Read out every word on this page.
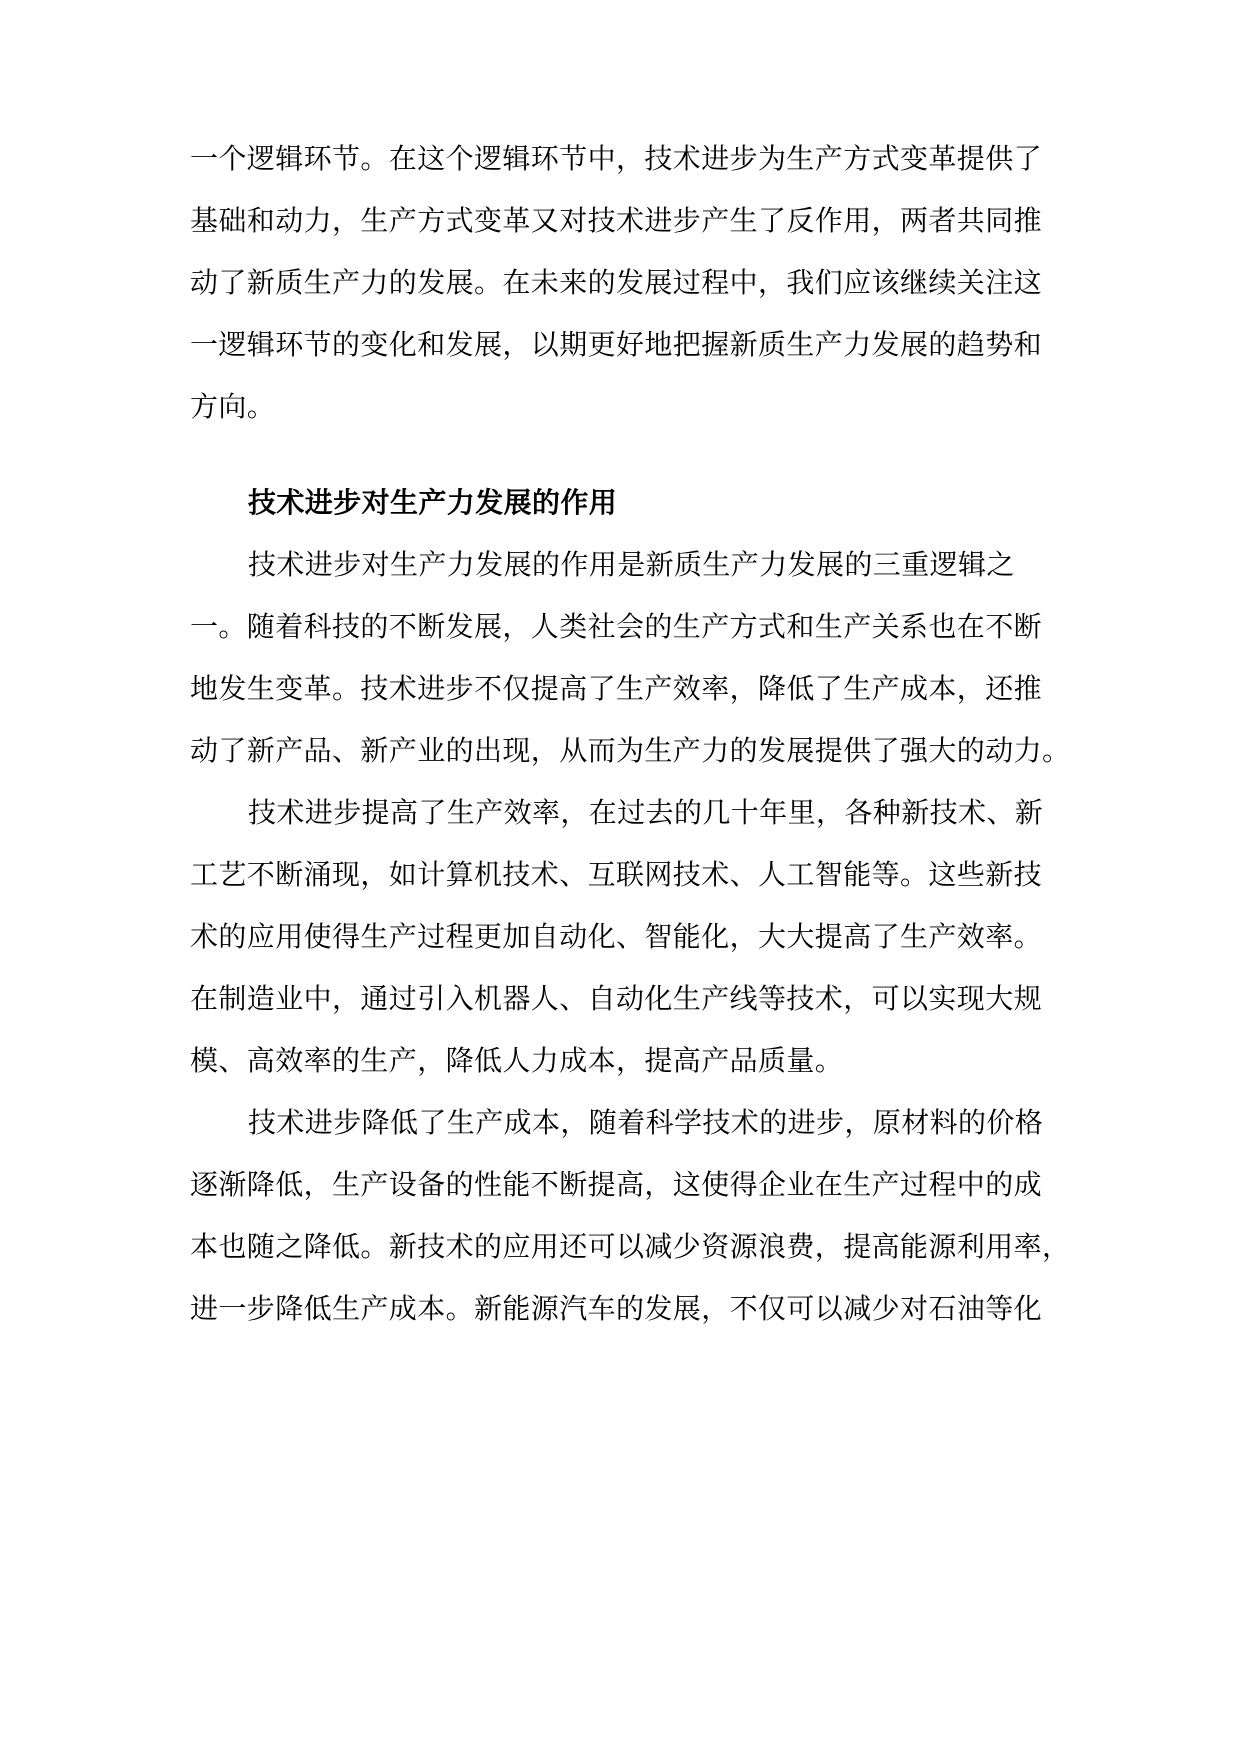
一个逻辑环节。在这个逻辑环节中，技术进步为生产方式变革提供了
基础和动力，生产方式变革又对技术进步产生了反作用，两者共同推
动了新质生产力的发展。在未来的发展过程中，我们应该继续关注这
一逻辑环节的变化和发展，以期更好地把握新质生产力发展的趋势和
方向。
技术进步对生产力发展的作用
技术进步对生产力发展的作用是新质生产力发展的三重逻辑之
一。随着科技的不断发展，人类社会的生产方式和生产关系也在不断
地发生变革。技术进步不仅提高了生产效率，降低了生产成本，还推
动了新产品、新产业的出现，从而为生产力的发展提供了强大的动力。
技术进步提高了生产效率，在过去的几十年里，各种新技术、新
工艺不断涌现，如计算机技术、互联网技术、人工智能等。这些新技
术的应用使得生产过程更加自动化、智能化，大大提高了生产效率。
在制造业中，通过引入机器人、自动化生产线等技术，可以实现大规
模、高效率的生产，降低人力成本，提高产品质量。
技术进步降低了生产成本，随着科学技术的进步，原材料的价格
逐渐降低，生产设备的性能不断提高，这使得企业在生产过程中的成
本也随之降低。新技术的应用还可以减少资源浪费，提高能源利用率，
进一步降低生产成本。新能源汽车的发展，不仅可以减少对石油等化
